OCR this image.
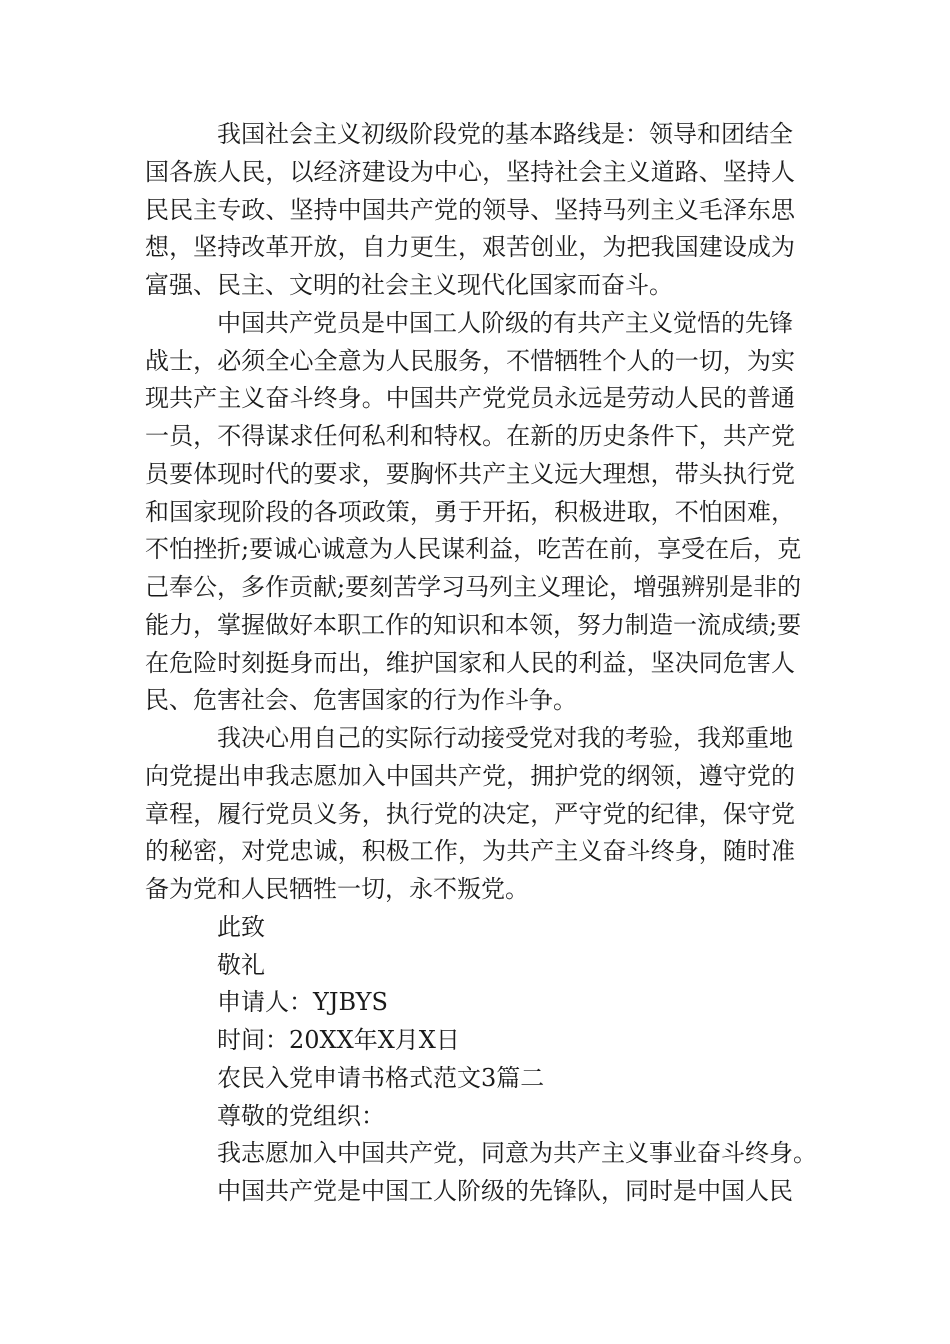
我国社会主义初级阶段党的基本路线是：领导和团结全
国各族人民，以经济建设为中心，坚持社会主义道路、坚持人
民民主专政、坚持中国共产党的领导、坚持马列主义毛泽东思
想，坚持改革开放，自力更生，艰苦创业，为把我国建设成为
富强、民主、文明的社会主义现代化国家而奋斗。
中国共产党员是中国工人阶级的有共产主义觉悟的先锋
战士，必须全心全意为人民服务，不惜牺牲个人的一切，为实
现共产主义奋斗终身。中国共产党党员永远是劳动人民的普通
一员，不得谋求任何私利和特权。在新的历史条件下，共产党
员要体现时代的要求，要胸怀共产主义远大理想，带头执行党
和国家现阶段的各项政策，勇于开拓，积极进取，不怕困难，
不怕挫折;要诚心诚意为人民谋利益，吃苦在前，享受在后，克
己奉公，多作贡献;要刻苦学习马列主义理论，增强辨别是非的
能力，掌握做好本职工作的知识和本领，努力制造一流成绩;要
在危险时刻挺身而出，维护国家和人民的利益，坚决同危害人
民、危害社会、危害国家的行为作斗争。
我决心用自己的实际行动接受党对我的考验，我郑重地
向党提出申我志愿加入中国共产党，拥护党的纲领，遵守党的
章程，履行党员义务，执行党的决定，严守党的纪律，保守党
的秘密，对党忠诚，积极工作，为共产主义奋斗终身，随时准
备为党和人民牺牲一切，永不叛党。
此致
敬礼
申请人：YJBYS
时间：20XX年X月X日
农民入党申请书格式范文3篇二
尊敬的党组织：
我志愿加入中国共产党，同意为共产主义事业奋斗终身。
中国共产党是中国工人阶级的先锋队，同时是中国人民
